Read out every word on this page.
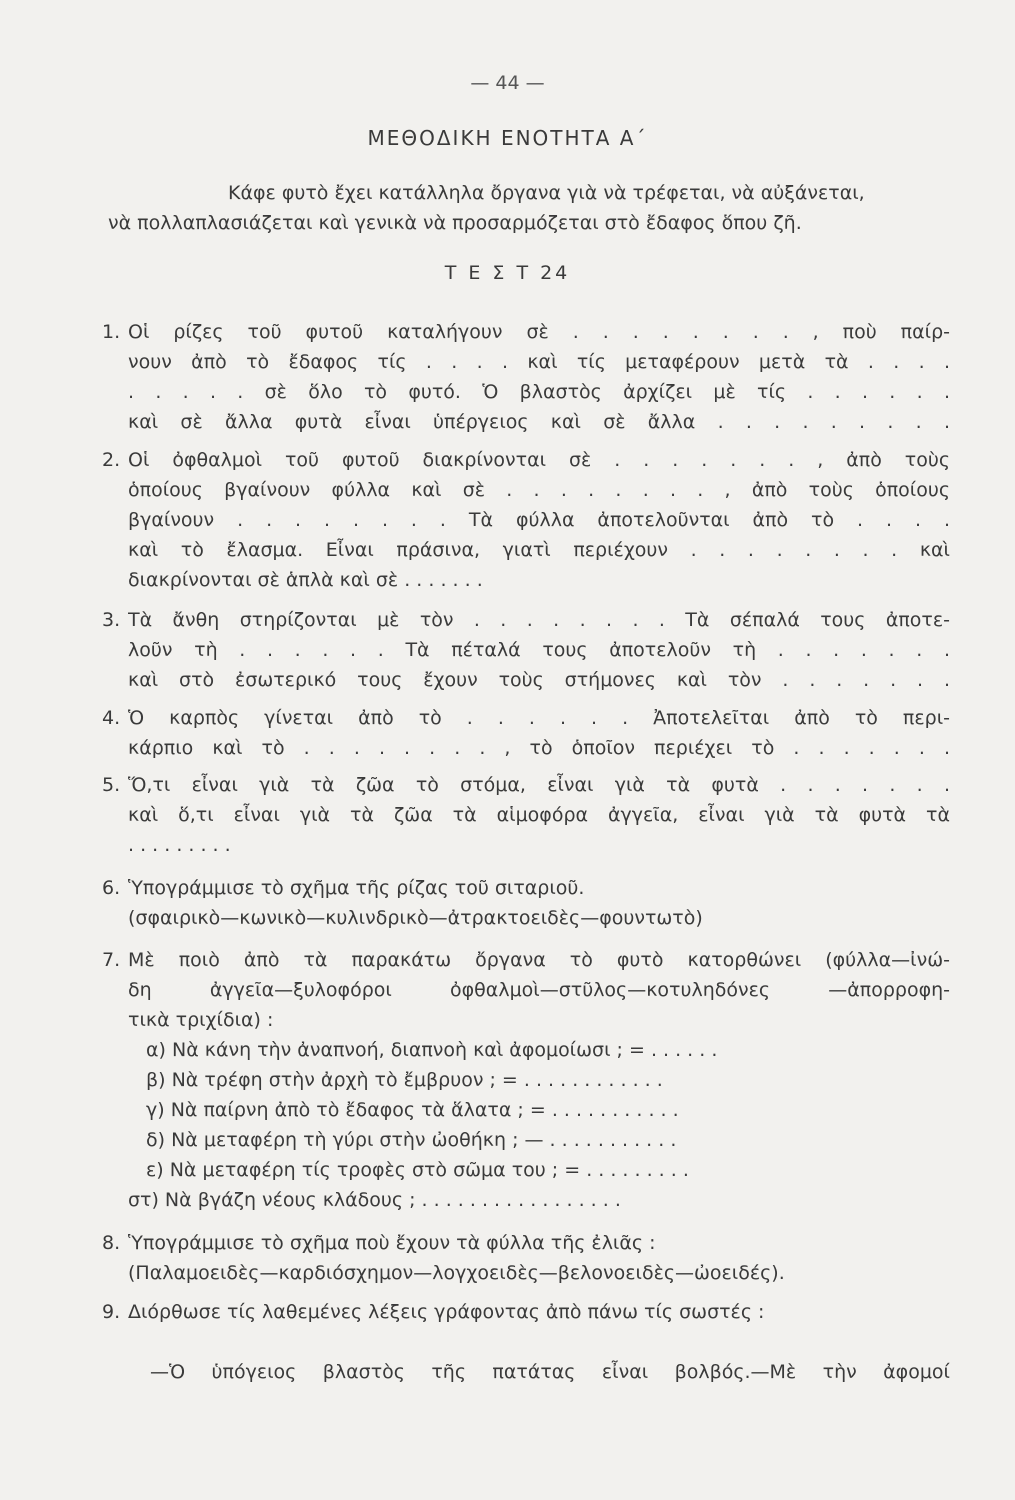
— 44 —
ΜΕΘΟΔΙΚΗ ΕΝΟΤΗΤΑ Α΄
Κάφε φυτὸ ἔχει κατάλληλα ὄργανα γιὰ νὰ τρέφεται, νὰ αὐξάνεται,
νὰ πολλαπλασιάζεται καὶ γενικὰ νὰ προσαρμόζεται στὸ ἔδαφος ὅπου ζῆ.
Τ Ε Σ Τ 24
1. Οἱ ρίζες τοῦ φυτοῦ καταλήγουν σὲ . . . . . . . . , ποὺ παίρ-
νουν ἀπὸ τὸ ἔδαφος τίς . . . . καὶ τίς μεταφέρουν μετὰ τὰ . . . .
. . . . . σὲ ὅλο τὸ φυτό. Ὁ βλαστὸς ἀρχίζει μὲ τίς . . . . . .
καὶ σὲ ἄλλα φυτὰ εἶναι ὑπέργειος καὶ σὲ ἄλλα . . . . . . . . .
2. Οἱ ὀφθαλμοὶ τοῦ φυτοῦ διακρίνονται σὲ . . . . . . . , ἀπὸ τοὺς
ὁποίους βγαίνουν φύλλα καὶ σὲ . . . . . . . . , ἀπὸ τοὺς ὁποίους
βγαίνουν . . . . . . . . Τὰ φύλλα ἀποτελοῦνται ἀπὸ τὸ . . . .
καὶ τὸ ἔλασμα. Εἶναι πράσινα, γιατὶ περιέχουν . . . . . . . . καὶ
διακρίνονται σὲ ἁπλὰ καὶ σὲ . . . . . . .
3. Τὰ ἄνθη στηρίζονται μὲ τὸν . . . . . . . . Τὰ σέπαλά τους ἀποτε-
λοῦν τὴ . . . . . . Τὰ πέταλά τους ἀποτελοῦν τὴ . . . . . . .
καὶ στὸ ἐσωτερικό τους ἔχουν τοὺς στήμονες καὶ τὸν . . . . . . .
4. Ὁ καρπὸς γίνεται ἀπὸ τὸ . . . . . . Ἀποτελεῖται ἀπὸ τὸ περι-
κάρπιο καὶ τὸ . . . . . . . . , τὸ ὁποῖον περιέχει τὸ . . . . . . .
5. Ὅ,τι εἶναι γιὰ τὰ ζῶα τὸ στόμα, εἶναι γιὰ τὰ φυτὰ . . . . . . .
καὶ ὅ,τι εἶναι γιὰ τὰ ζῶα τὰ αἱμοφόρα ἀγγεῖα, εἶναι γιὰ τὰ φυτὰ τὰ
. . . . . . . . .
6. Ὑπογράμμισε τὸ σχῆμα τῆς ρίζας τοῦ σιταριοῦ.
(σφαιρικὸ—κωνικὸ—κυλινδρικὸ—ἀτρακτοειδὲς—φουντωτὸ)
7. Μὲ ποιὸ ἀπὸ τὰ παρακάτω ὄργανα τὸ φυτὸ κατορθώνει (φύλλα—ἰνώ-
δη ἀγγεῖα—ξυλοφόροι ὀφθαλμοὶ—στῦλος—κοτυληδόνες —ἀπορροφη-
τικὰ τριχίδια) :
α) Νὰ κάνη τὴν ἀναπνοή, διαπνοὴ καὶ ἀφομοίωσι ; = . . . . . .
β) Νὰ τρέφη στὴν ἀρχὴ τὸ ἔμβρυον ; = . . . . . . . . . . . .
γ) Νὰ παίρνη ἀπὸ τὸ ἔδαφος τὰ ἅλατα ; = . . . . . . . . . . .
δ) Νὰ μεταφέρη τὴ γύρι στὴν ὠοθήκη ; — . . . . . . . . . . .
ε) Νὰ μεταφέρη τίς τροφὲς στὸ σῶμα του ; = . . . . . . . . .
στ) Νὰ βγάζη νέους κλάδους ; . . . . . . . . . . . . . . . . .
8. Ὑπογράμμισε τὸ σχῆμα ποὺ ἔχουν τὰ φύλλα τῆς ἐλιᾶς :
(Παλαμοειδὲς—καρδιόσχημον—λογχοειδὲς—βελονοειδὲς—ὠοειδές).
9. Διόρθωσε τίς λαθεμένες λέξεις γράφοντας ἀπὸ πάνω τίς σωστές :
—Ὁ ὑπόγειος βλαστὸς τῆς πατάτας εἶναι βολβός.—Μὲ τὴν ἀφομοί
